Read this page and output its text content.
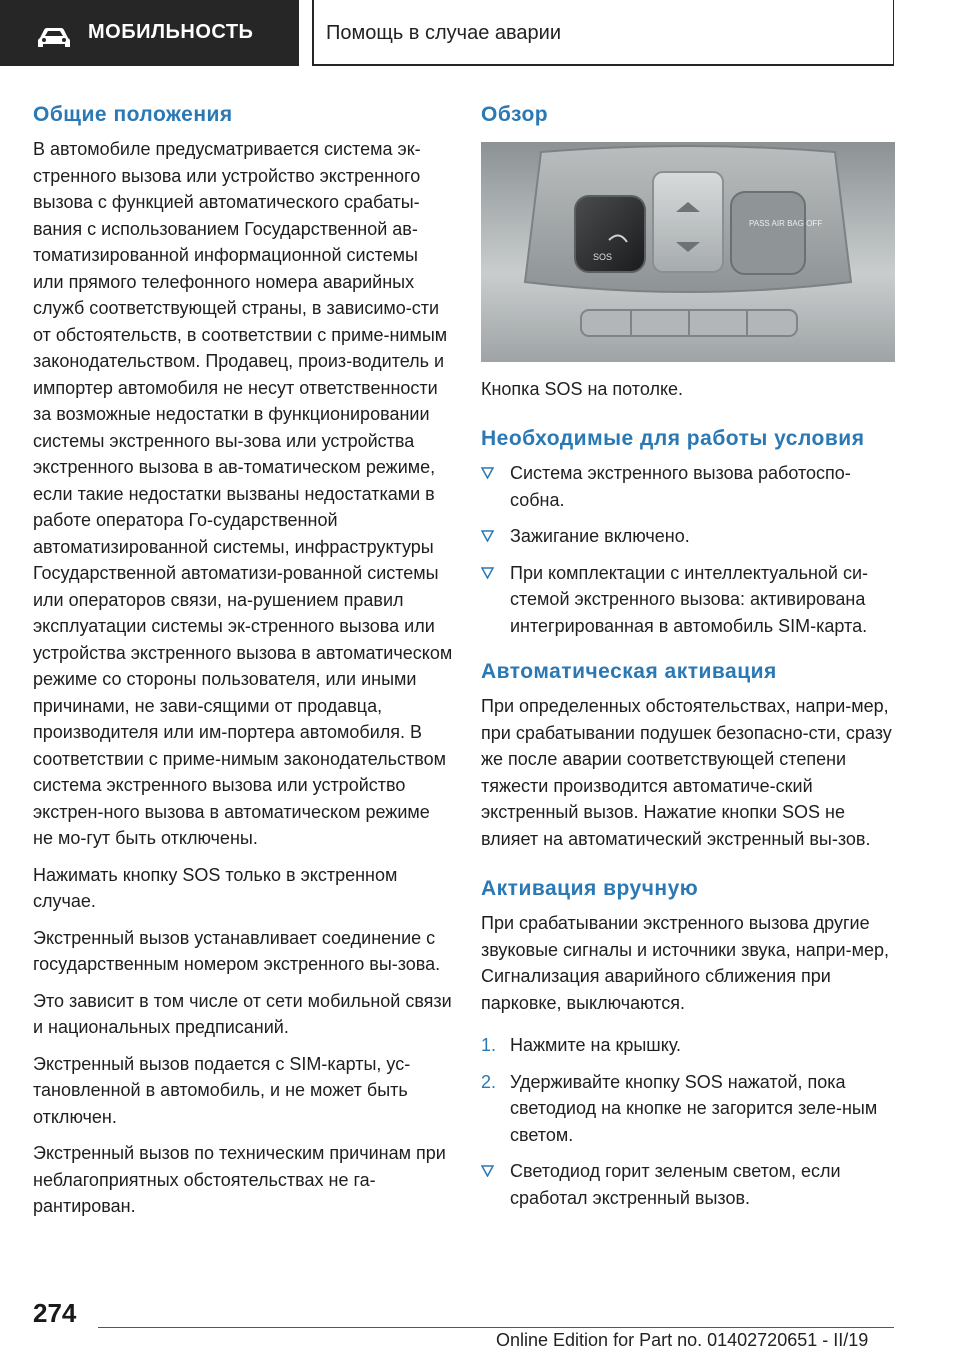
МОБИЛЬНОСТЬ	Помощь в случае аварии
Общие положения

В автомобиле предусматривается система эк-стренного вызова или устройство экстренного вызова с функцией автоматического срабаты-вания с использованием Государственной ав-томатизированной информационной системы или прямого телефонного номера аварийных служб соответствующей страны, в зависимо-сти от обстоятельств, в соответствии с приме-нимым законодательством. Продавец, произ-водитель и импортер автомобиля не несут ответственности за возможные недостатки в функционировании системы экстренного вы-зова или устройства экстренного вызова в ав-томатическом режиме, если такие недостатки вызваны недостатками в работе оператора Го-сударственной автоматизированной системы, инфраструктуры Государственной автоматизи-рованной системы или операторов связи, на-рушением правил эксплуатации системы эк-стренного вызова или устройства экстренного вызова в автоматическом режиме со стороны пользователя, или иными причинами, не зави-сящими от продавца, производителя или им-портера автомобиля. В соответствии с приме-нимым законодательством система экстренного вызова или устройство экстрен-ного вызова в автоматическом режиме не мо-гут быть отключены.

Нажимать кнопку SOS только в экстренном случае.

Экстренный вызов устанавливает соединение с государственным номером экстренного вы-зова.

Это зависит в том числе от сети мобильной связи и национальных предписаний.

Экстренный вызов подается с SIM-карты, ус-тановленной в автомобиль, и не может быть отключен.

Экстренный вызов по техническим причинам при неблагоприятных обстоятельствах не га-рантирован.

Обзор
SOS
PASS AIR BAG OFF
Кнопка SOS на потолке.
Необходимые для работы условия
Система экстренного вызова работоспо-собна.
Зажигание включено.
При комплектации с интеллектуальной си-стемой экстренного вызова: активирована интегрированная в автомобиль SIM-карта.
Автоматическая активация

При определенных обстоятельствах, напри-мер, при срабатывании подушек безопасно-сти, сразу же после аварии соответствующей степени тяжести производится автоматиче-ский экстренный вызов. Нажатие кнопки SOS не влияет на автоматический экстренный вы-зов.

Активация вручную

При срабатывании экстренного вызова другие звуковые сигналы и источники звука, напри-мер, Сигнализация аварийного сближения при парковке, выключаются.

1. Нажмите на крышку.
2. Удерживайте кнопку SOS нажатой, пока светодиод на кнопке не загорится зеле-ным светом.
Светодиод горит зеленым светом, если сработал экстренный вызов.
274
Online Edition for Part no. 01402720651 - II/19
